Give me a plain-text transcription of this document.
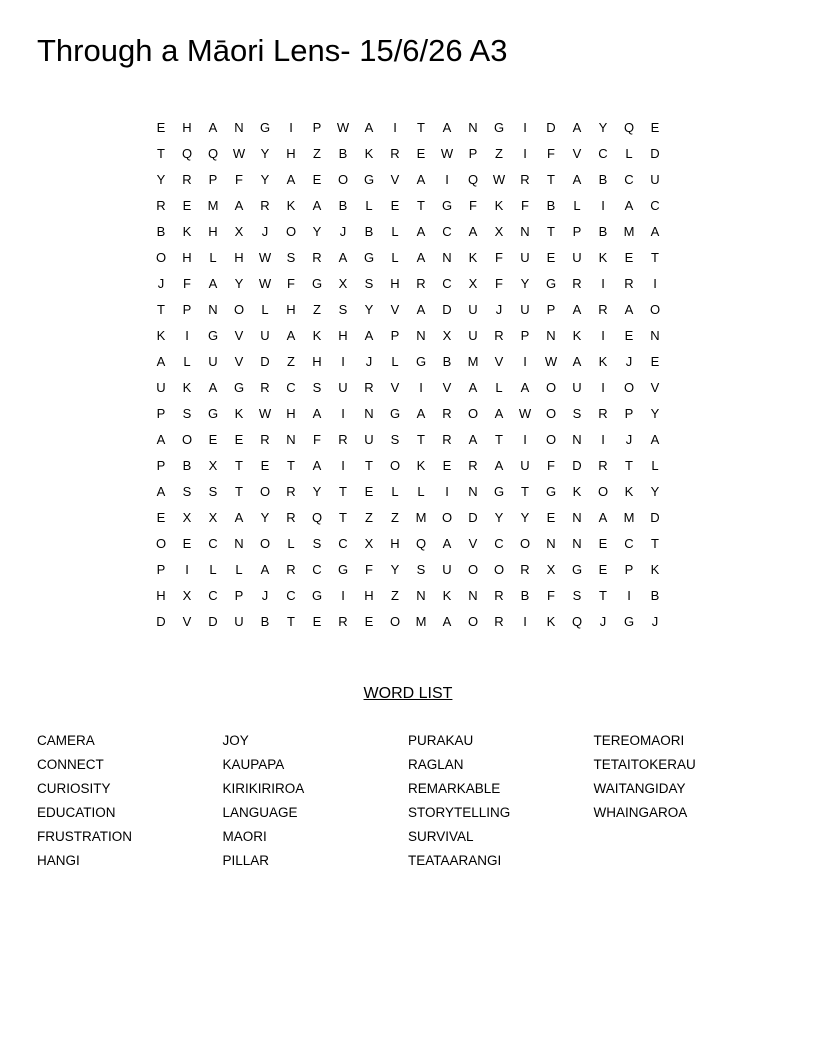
Through a Māori Lens- 15/6/26 A3
E	H	A	N	G	I	P	W	A	I	T	A	N	G	I	D	A	Y	Q	E
T	Q	Q	W	Y	H	Z	B	K	R	E	W	P	Z	I	F	V	C	L	D
Y	R	P	F	Y	A	E	O	G	V	A	I	Q	W	R	T	A	B	C	U
R	E	M	A	R	K	A	B	L	E	T	G	F	K	F	B	L	I	A	C
B	K	H	X	J	O	Y	J	B	L	A	C	A	X	N	T	P	B	M	A
O	H	L	H	W	S	R	A	G	L	A	N	K	F	U	E	U	K	E	T
J	F	A	Y	W	F	G	X	S	H	R	C	X	F	Y	G	R	I	R	I
T	P	N	O	L	H	Z	S	Y	V	A	D	U	J	U	P	A	R	A	O
K	I	G	V	U	A	K	H	A	P	N	X	U	R	P	N	K	I	E	N
A	L	U	V	D	Z	H	I	J	L	G	B	M	V	I	W	A	K	J	E
U	K	A	G	R	C	S	U	R	V	I	V	A	L	A	O	U	I	O	V
P	S	G	K	W	H	A	I	N	G	A	R	O	A	W	O	S	R	P	Y
A	O	E	E	R	N	F	R	U	S	T	R	A	T	I	O	N	I	J	A
P	B	X	T	E	T	A	I	T	O	K	E	R	A	U	F	D	R	T	L
A	S	S	T	O	R	Y	T	E	L	L	I	N	G	T	G	K	O	K	Y
E	X	X	A	Y	R	Q	T	Z	Z	M	O	D	Y	Y	E	N	A	M	D
O	E	C	N	O	L	S	C	X	H	Q	A	V	C	O	N	N	E	C	T
P	I	L	L	A	R	C	G	F	Y	S	U	O	O	R	X	G	E	P	K
H	X	C	P	J	C	G	I	H	Z	N	K	N	R	B	F	S	T	I	B
D	V	D	U	B	T	E	R	E	O	M	A	O	R	I	K	Q	J	G	J
WORD LIST
CAMERA
CONNECT
CURIOSITY
EDUCATION
FRUSTRATION
HANGI
JOY
KAUPAPA
KIRIKIRIROA
LANGUAGE
MAORI
PILLAR
PURAKAU
RAGLAN
REMARKABLE
STORYTELLING
SURVIVAL
TEATAARANGI
TEREOMAORI
TETAITOKERAU
WAITANGIDAY
WHAINGAROA
